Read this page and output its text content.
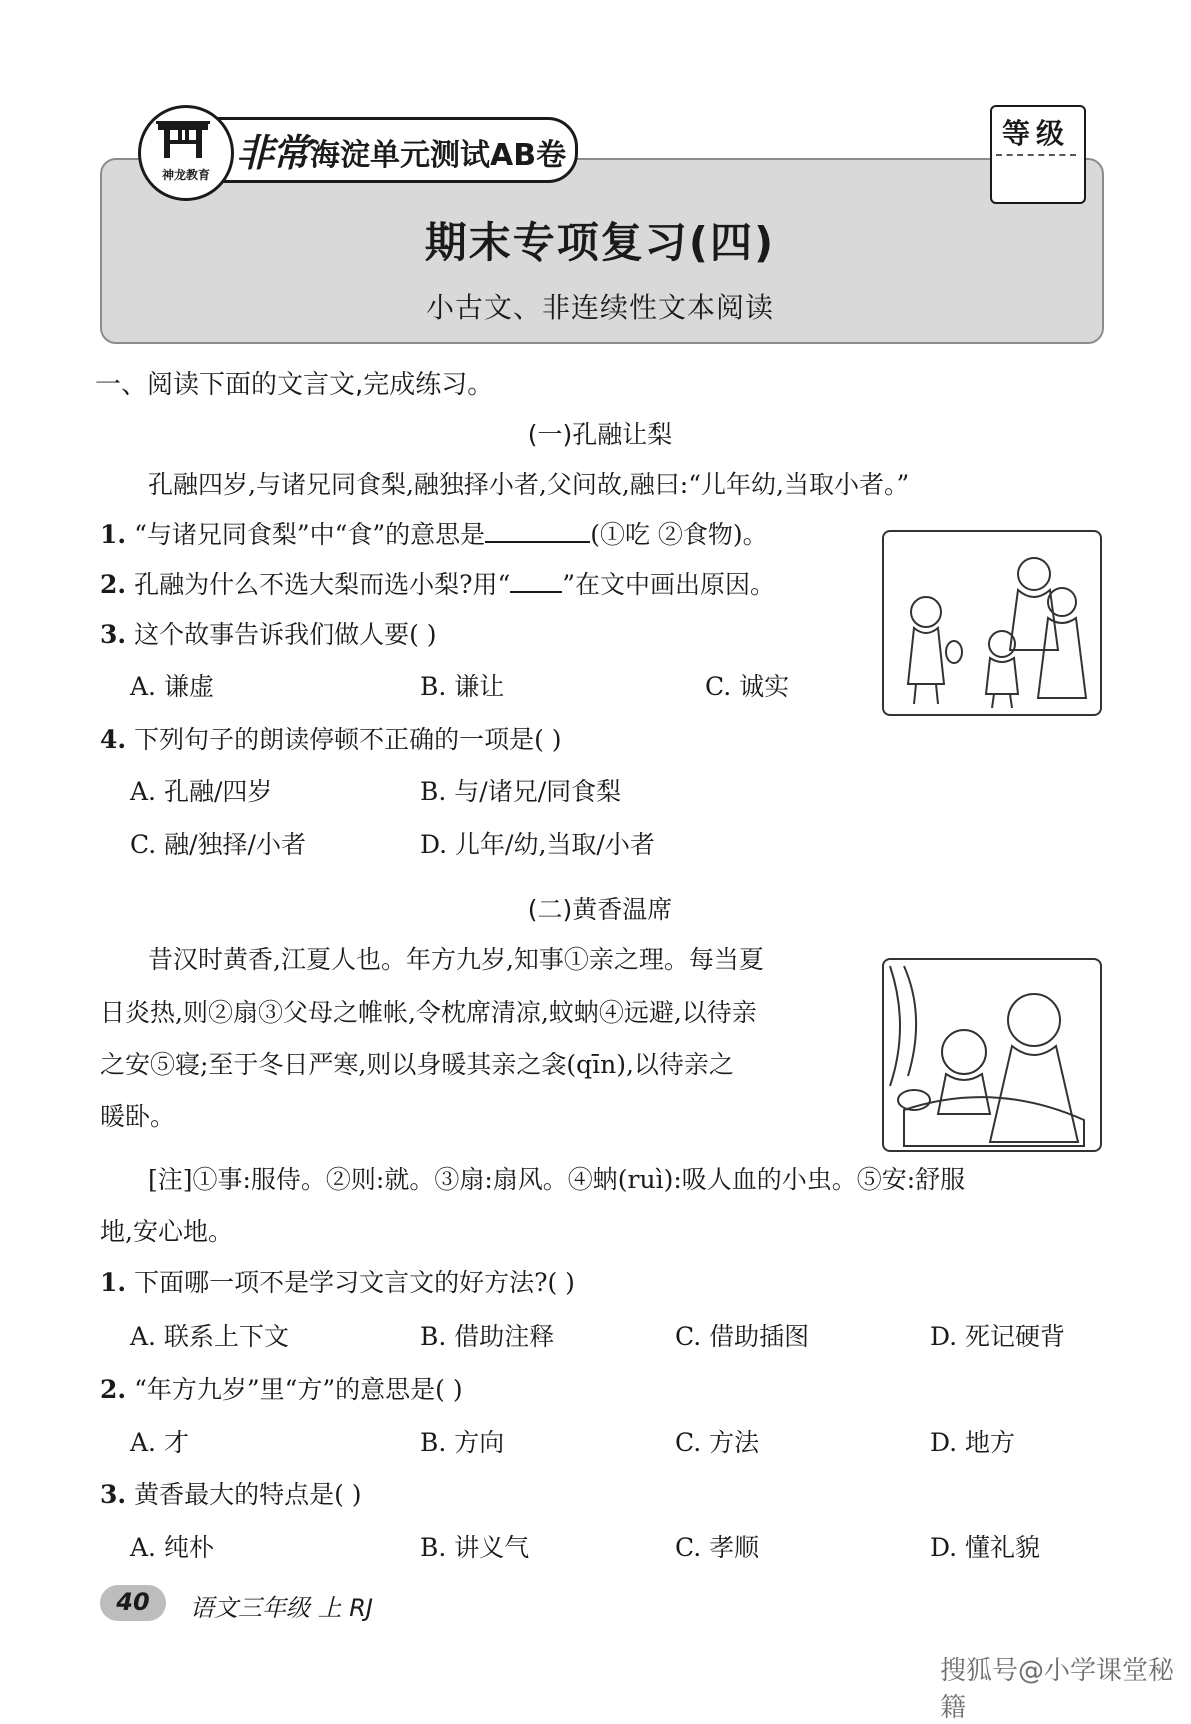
神龙教育 非常 海淀单元测试AB卷
等级
期末专项复习(四)
小古文、非连续性文本阅读
一、阅读下面的文言文,完成练习。
(一)孔融让梨
孔融四岁,与诸兄同食梨,融独择小者,父问故,融曰:“儿年幼,当取小者。”
1. “与诸兄同食梨”中“食”的意思是	(①吃 ②食物)。
2. 孔融为什么不选大梨而选小梨?用“ ”在文中画出原因。
3. 这个故事告诉我们做人要( )
A. 谦虚	B. 谦让	C. 诚实
4. 下列句子的朗读停顿不正确的一项是( )
A. 孔融/四岁	B. 与/诸兄/同食梨
C. 融/独择/小者	D. 儿年/幼,当取/小者
(二)黄香温席
昔汉时黄香,江夏人也。年方九岁,知事①亲之理。每当夏
日炎热,则②扇③父母之帷帐,令枕席清凉,蚊蚋④远避,以待亲
之安⑤寝;至于冬日严寒,则以身暖其亲之衾(qīn),以待亲之
暖卧。
[注]①事:服侍。②则:就。③扇:扇风。④蚋(ruì):吸人血的小虫。⑤安:舒服
地,安心地。
1. 下面哪一项不是学习文言文的好方法?( )
A. 联系上下文	B. 借助注释	C. 借助插图	D. 死记硬背
2. “年方九岁”里“方”的意思是( )
A. 才	B. 方向	C. 方法	D. 地方
3. 黄香最大的特点是( )
A. 纯朴	B. 讲义气	C. 孝顺	D. 懂礼貌
40	语文三年级 上 RJ
搜狐号@小学课堂秘籍
